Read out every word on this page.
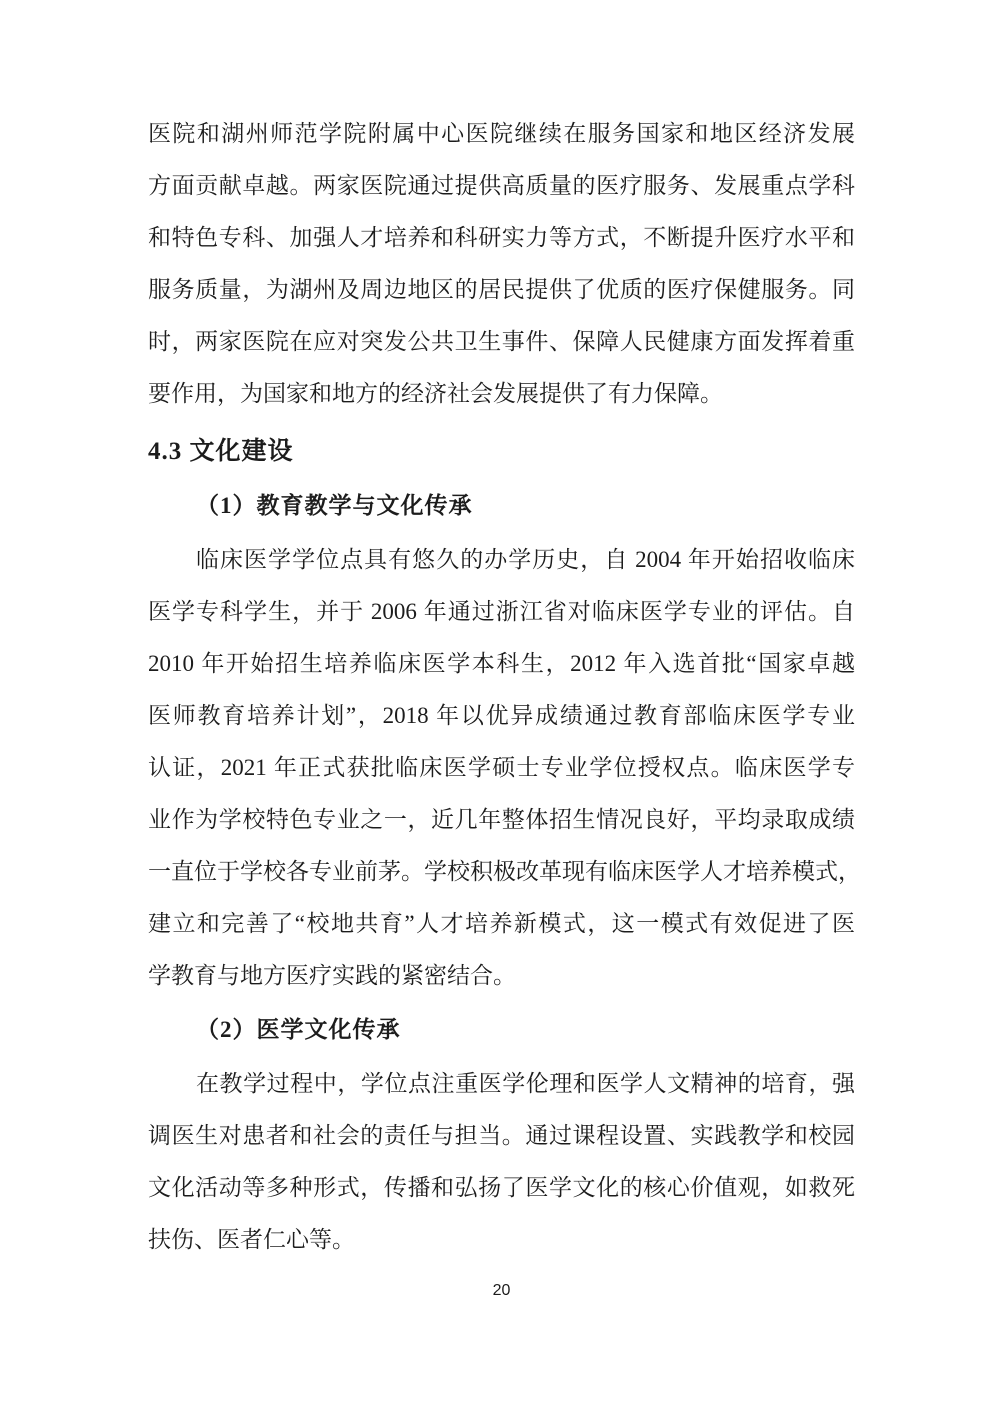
医院和湖州师范学院附属中心医院继续在服务国家和地区经济发展

方面贡献卓越。两家医院通过提供高质量的医疗服务、发展重点学科

和特色专科、加强人才培养和科研实力等方式，不断提升医疗水平和

服务质量，为湖州及周边地区的居民提供了优质的医疗保健服务。同

时，两家医院在应对突发公共卫生事件、保障人民健康方面发挥着重

要作用，为国家和地方的经济社会发展提供了有力保障。

4.3 文化建设
（1）教育教学与文化传承

临床医学学位点具有悠久的办学历史，自 2004 年开始招收临床

医学专科学生，并于 2006 年通过浙江省对临床医学专业的评估。自

2010 年开始招生培养临床医学本科生，2012 年入选首批“国家卓越

医师教育培养计划”，2018 年以优异成绩通过教育部临床医学专业

认证，2021 年正式获批临床医学硕士专业学位授权点。临床医学专

业作为学校特色专业之一，近几年整体招生情况良好，平均录取成绩

一直位于学校各专业前茅。学校积极改革现有临床医学人才培养模式，

建立和完善了“校地共育”人才培养新模式，这一模式有效促进了医

学教育与地方医疗实践的紧密结合。

（2）医学文化传承

在教学过程中，学位点注重医学伦理和医学人文精神的培育，强

调医生对患者和社会的责任与担当。通过课程设置、实践教学和校园

文化活动等多种形式，传播和弘扬了医学文化的核心价值观，如救死

扶伤、医者仁心等。

20
